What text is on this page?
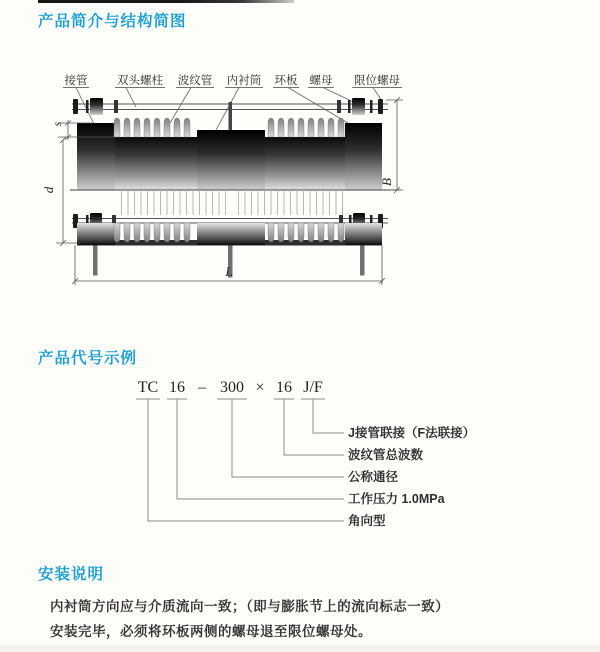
产品简介与结构简图
接管	双头螺柱 波纹管 内衬筒 环板 螺母 限位螺母
s
d
B
L
产品代号示例
TC 16 – 300 × 16 J/F
J接管联接（F法联接）
波纹管总波数
公称通径
工作压力 1.0MPa
角向型
安装说明
内衬筒方向应与介质流向一致；（即与膨胀节上的流向标志一致）
安装完毕，必须将环板两侧的螺母退至限位螺母处。
